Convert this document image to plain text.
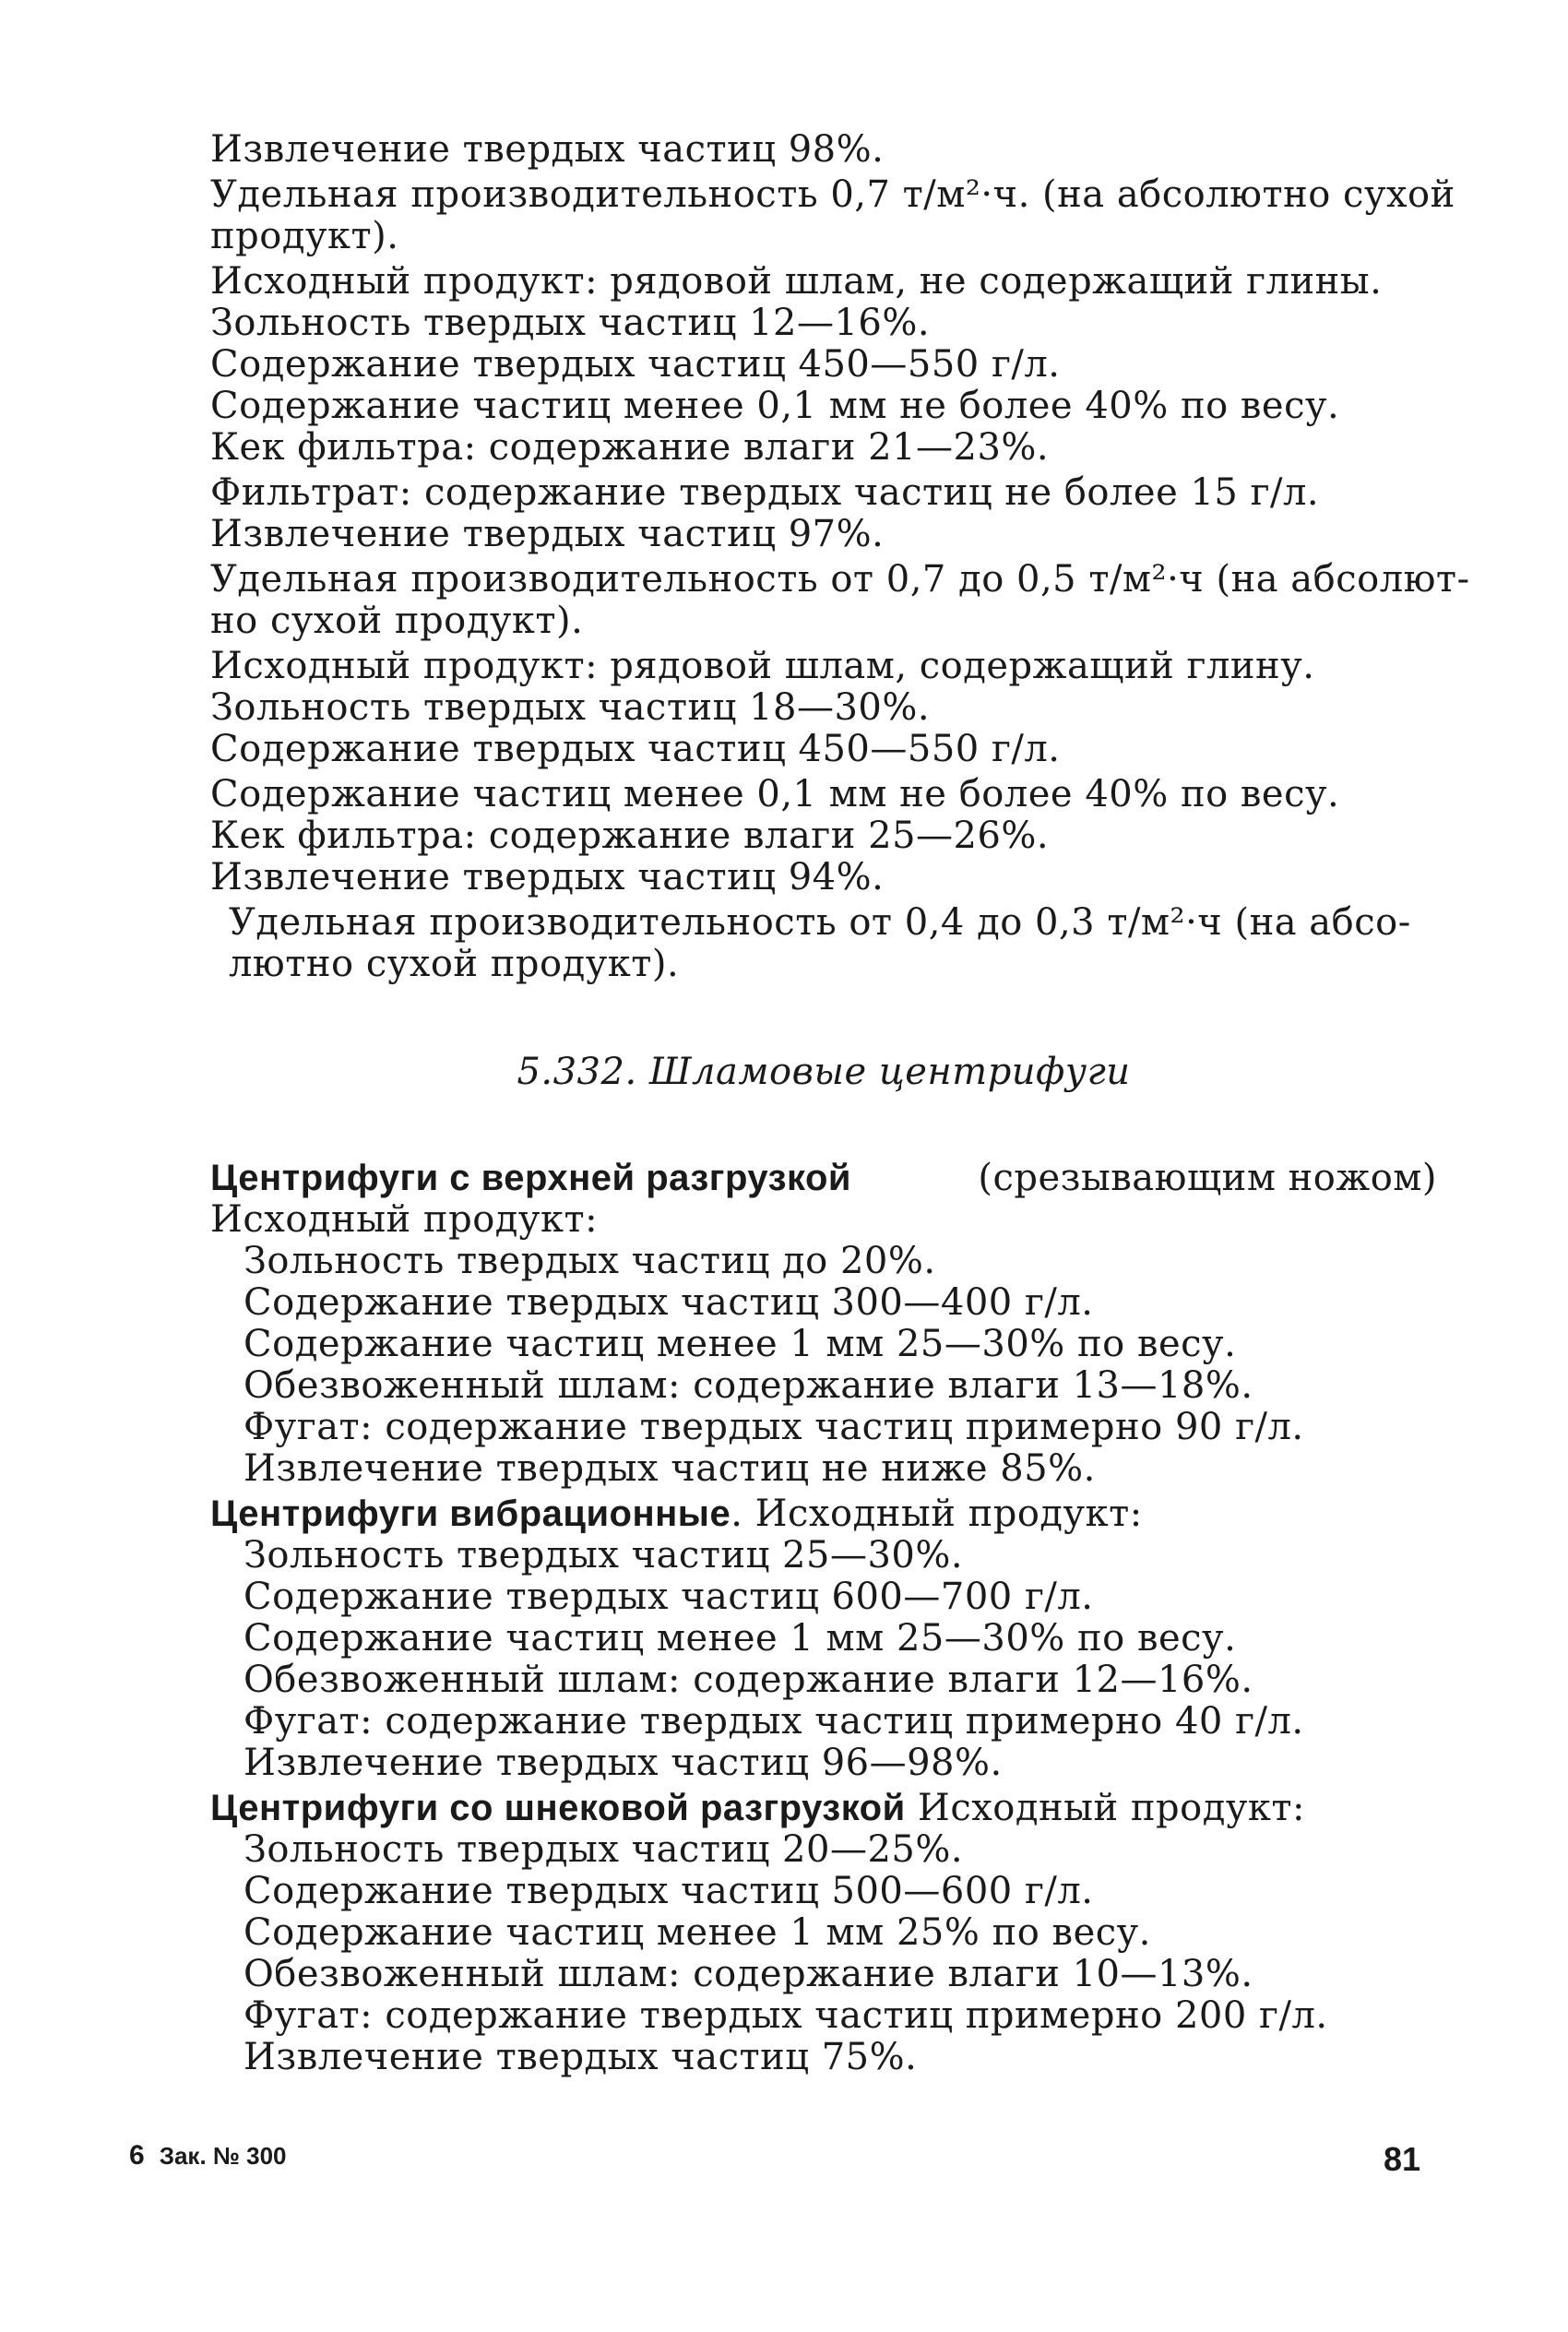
Извлечение твердых частиц 98%.
Удельная производительность 0,7 т/м²·ч. (на абсолютно сухой
продукт).
Исходный продукт: рядовой шлам, не содержащий глины.
Зольность твердых частиц 12—16%.
Содержание твердых частиц 450—550 г/л.
Содержание частиц менее 0,1 мм не более 40% по весу.
Кек фильтра: содержание влаги 21—23%.
Фильтрат: содержание твердых частиц не более 15 г/л.
Извлечение твердых частиц 97%.
Удельная производительность от 0,7 до 0,5 т/м²·ч (на абсолют-
но сухой продукт).
Исходный продукт: рядовой шлам, содержащий глину.
Зольность твердых частиц 18—30%.
Содержание твердых частиц 450—550 г/л.
Содержание частиц менее 0,1 мм не более 40% по весу.
Кек фильтра: содержание влаги 25—26%.
Извлечение твердых частиц 94%.
Удельная производительность от 0,4 до 0,3 т/м²·ч (на абсо-
лютно сухой продукт).
5.332. Шламовые центрифуги
Центрифуги с верхней разгрузкой	(срезывающим ножом)
Исходный продукт:
Зольность твердых частиц до 20%.
Содержание твердых частиц 300—400 г/л.
Содержание частиц менее 1 мм 25—30% по весу.
Обезвоженный шлам: содержание влаги 13—18%.
Фугат: содержание твердых частиц примерно 90 г/л.
Извлечение твердых частиц не ниже 85%.
Центрифуги вибрационные. Исходный продукт:
Зольность твердых частиц 25—30%.
Содержание твердых частиц 600—700 г/л.
Содержание частиц менее 1 мм 25—30% по весу.
Обезвоженный шлам: содержание влаги 12—16%.
Фугат: содержание твердых частиц примерно 40 г/л.
Извлечение твердых частиц 96—98%.
Центрифуги со шнековой разгрузкой Исходный продукт:
Зольность твердых частиц 20—25%.
Содержание твердых частиц 500—600 г/л.
Содержание частиц менее 1 мм 25% по весу.
Обезвоженный шлам: содержание влаги 10—13%.
Фугат: содержание твердых частиц примерно 200 г/л.
Извлечение твердых частиц 75%.
6 Зак. № 300	81
